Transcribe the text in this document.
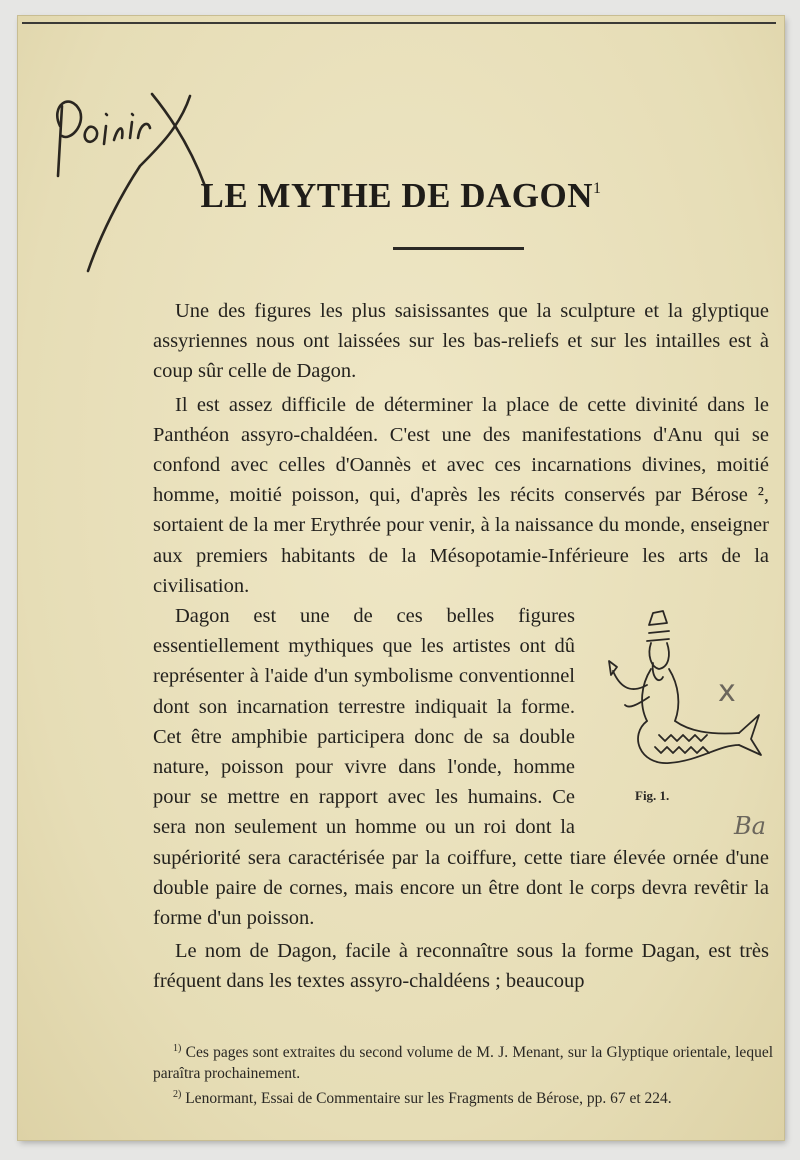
LE MYTHE DE DAGON$^1$

Une des figures les plus saisissantes que la sculpture et la glyptique assyriennes nous ont laissées sur les bas-reliefs et sur les intailles est à coup sûr celle de Dagon.

Il est assez difficile de déterminer la place de cette divinité dans le Panthéon assyro-chaldéen. C'est une des manifestations d'Anu qui se confond avec celles d'Oannès et avec ces incarnations divines, moitié homme, moitié poisson, qui, d'après les récits conservés par Bérose ², sortaient de la mer Erythrée pour venir, à la naissance du monde, enseigner aux premiers habitants de la Mésopotamie-Inférieure les arts de la civilisation.

Fig. 1.

Dagon est une de ces belles figures essentiellement mythiques que les artistes ont dû représenter à l'aide d'un symbolisme conventionnel dont son incarnation terrestre indiquait la forme. Cet être amphibie participera donc de sa double nature, poisson pour vivre dans l'onde, homme pour se mettre en rapport avec les humains. Ce sera non seulement un homme ou un roi dont la supériorité sera caractérisée par la coiffure, cette tiare élevée ornée d'une double paire de cornes, mais encore un être dont le corps devra revêtir la forme d'un poisson.

Le nom de Dagon, facile à reconnaître sous la forme Dagan, est très fréquent dans les textes assyro-chaldéens ; beaucoup

x
Ba

$^{1)}$ Ces pages sont extraites du second volume de M. J. Menant, sur la Glyptique orientale, lequel paraîtra prochainement.

$^{2)}$ Lenormant, Essai de Commentaire sur les Fragments de Bérose, pp. 67 et 224.
